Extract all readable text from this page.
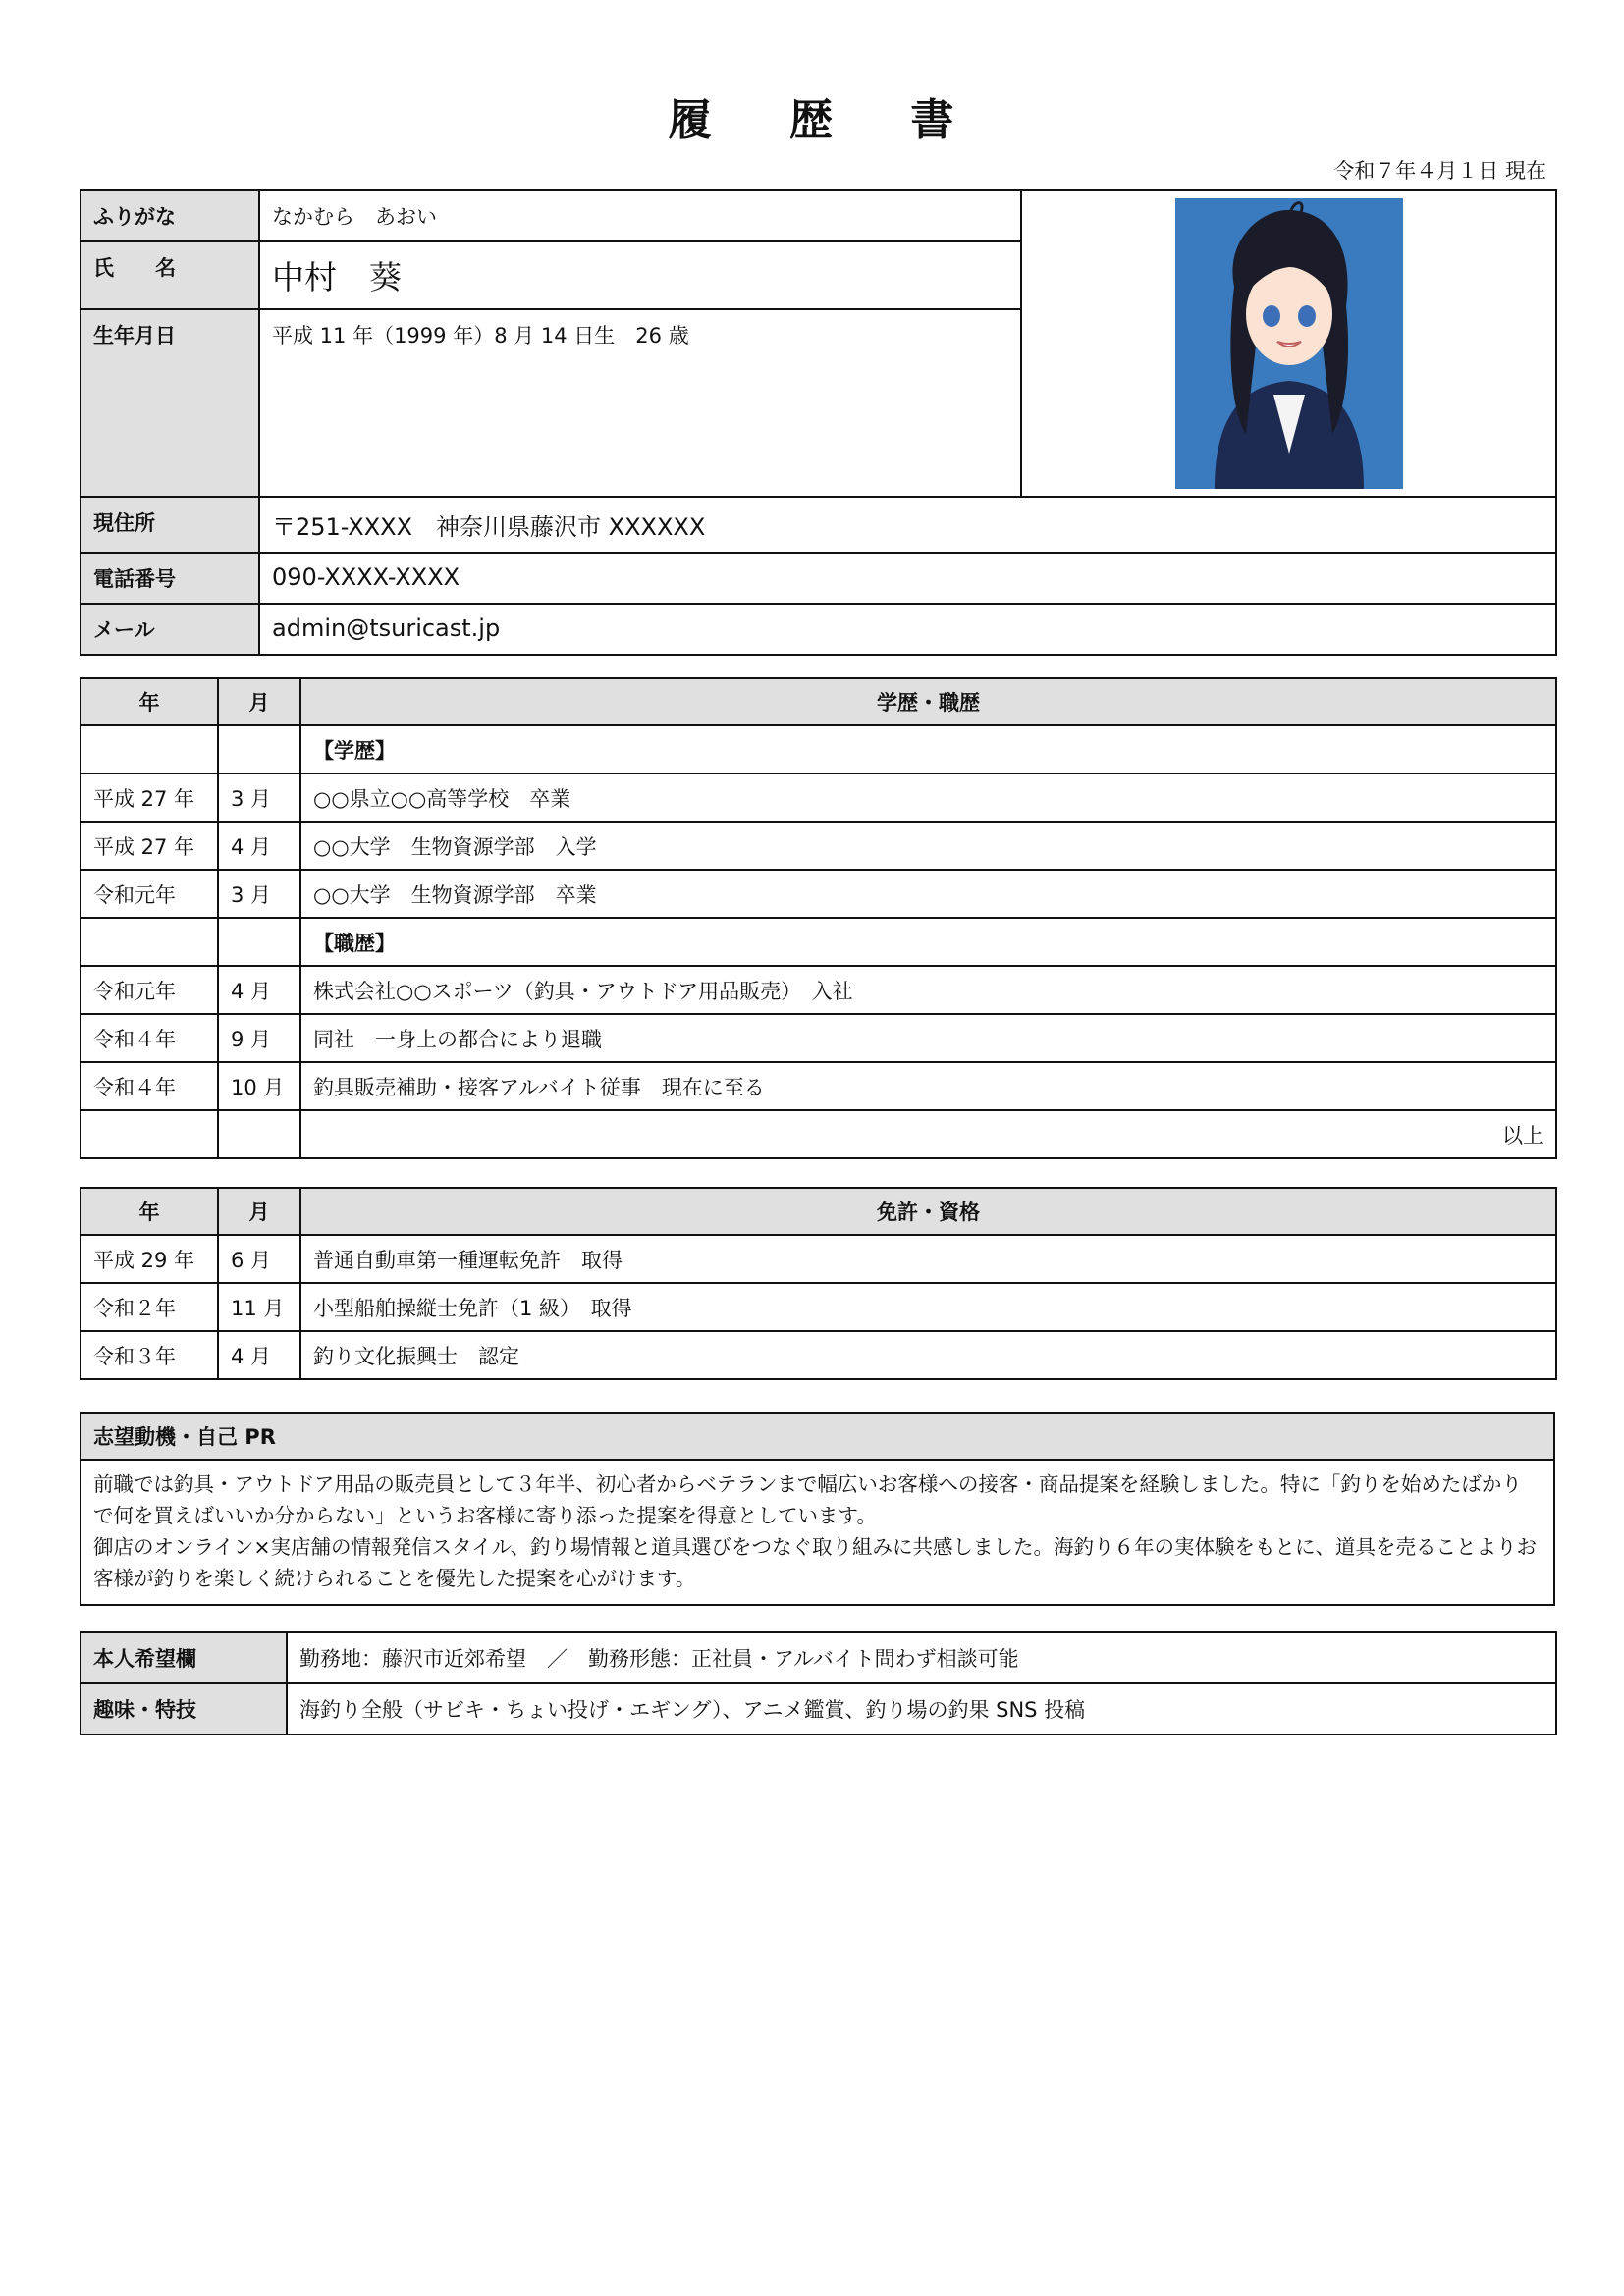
履 歴 書
令和７年４月１日 現在
ふりがな	なかむら　あおい	
氏　　名	中村　葵	
生年月日	平成 11 年（1999 年）8 月 14 日生　26 歳	
現住所	〒251-XXXX　神奈川県藤沢市 XXXXXX	
電話番号	090-XXXX-XXXX	
メール	admin@tsuricast.jp	
年	月	学歴・職歴
		【学歴】
平成 27 年	3 月	○○県立○○高等学校　卒業
平成 27 年	4 月	○○大学　生物資源学部　入学
令和元年	3 月	○○大学　生物資源学部　卒業
		【職歴】
令和元年	4 月	株式会社○○スポーツ（釣具・アウトドア用品販売）　入社
令和４年	9 月	同社　一身上の都合により退職
令和４年	10 月	釣具販売補助・接客アルバイト従事　現在に至る
		以上
年	月	免許・資格
平成 29 年	6 月	普通自動車第一種運転免許　取得
令和２年	11 月	小型船舶操縦士免許（1 級）　取得
令和３年	4 月	釣り文化振興士　認定
志望動機・自己 PR

前職では釣具・アウトドア用品の販売員として３年半、初心者からベテランまで幅広いお客様への接客・商品提案を経験しました。特に「釣りを始めたばかりで何を買えばいいか分からない」というお客様に寄り添った提案を得意としています。

御店のオンライン×実店舗の情報発信スタイル、釣り場情報と道具選びをつなぐ取り組みに共感しました。海釣り６年の実体験をもとに、道具を売ることよりお客様が釣りを楽しく続けられることを優先した提案を心がけます。

本人希望欄	勤務地：藤沢市近郊希望　／　勤務形態：正社員・アルバイト問わず相談可能
趣味・特技	海釣り全般（サビキ・ちょい投げ・エギング）、アニメ鑑賞、釣り場の釣果 SNS 投稿
